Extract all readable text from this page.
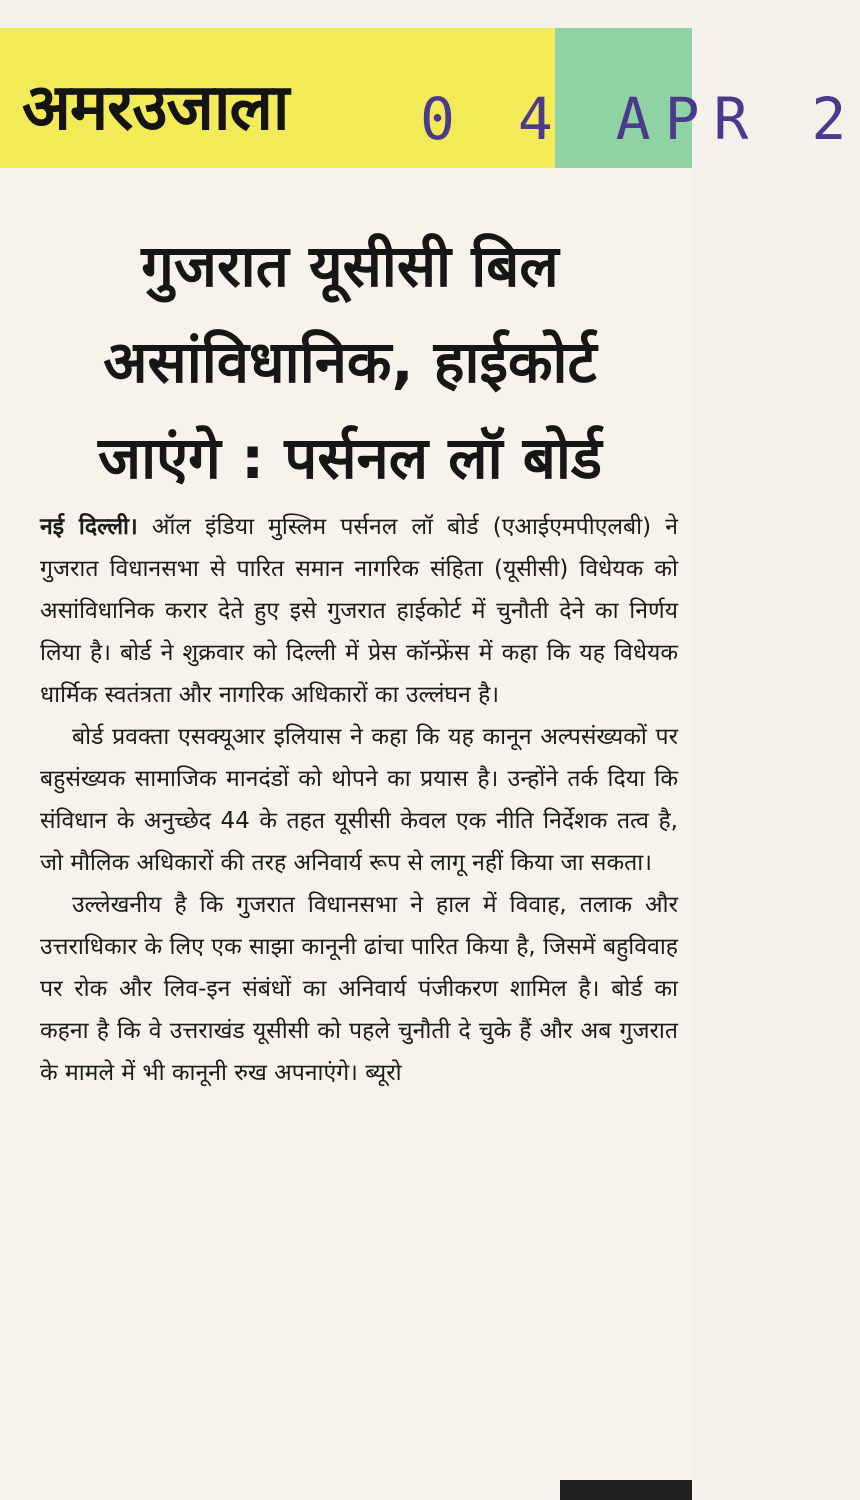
अमरउजाला 0 4 APR 2
गुजरात यूसीसी बिल
असांविधानिक, हाईकोर्ट
जाएंगे : पर्सनल लॉ बोर्ड

नई दिल्ली। ऑल इंडिया मुस्लिम पर्सनल लॉ बोर्ड (एआईएमपीएलबी) ने गुजरात विधानसभा से पारित समान नागरिक संहिता (यूसीसी) विधेयक को असांविधानिक करार देते हुए इसे गुजरात हाईकोर्ट में चुनौती देने का निर्णय लिया है। बोर्ड ने शुक्रवार को दिल्ली में प्रेस कॉन्फ्रेंस में कहा कि यह विधेयक धार्मिक स्वतंत्रता और नागरिक अधिकारों का उल्लंघन है।

बोर्ड प्रवक्ता एसक्यूआर इलियास ने कहा कि यह कानून अल्पसंख्यकों पर बहुसंख्यक सामाजिक मानदंडों को थोपने का प्रयास है। उन्होंने तर्क दिया कि संविधान के अनुच्छेद 44 के तहत यूसीसी केवल एक नीति निर्देशक तत्व है, जो मौलिक अधिकारों की तरह अनिवार्य रूप से लागू नहीं किया जा सकता।

उल्लेखनीय है कि गुजरात विधानसभा ने हाल में विवाह, तलाक और उत्तराधिकार के लिए एक साझा कानूनी ढांचा पारित किया है, जिसमें बहुविवाह पर रोक और लिव-इन संबंधों का अनिवार्य पंजीकरण शामिल है। बोर्ड का कहना है कि वे उत्तराखंड यूसीसी को पहले चुनौती दे चुके हैं और अब गुजरात के मामले में भी कानूनी रुख अपनाएंगे। ब्यूरो
